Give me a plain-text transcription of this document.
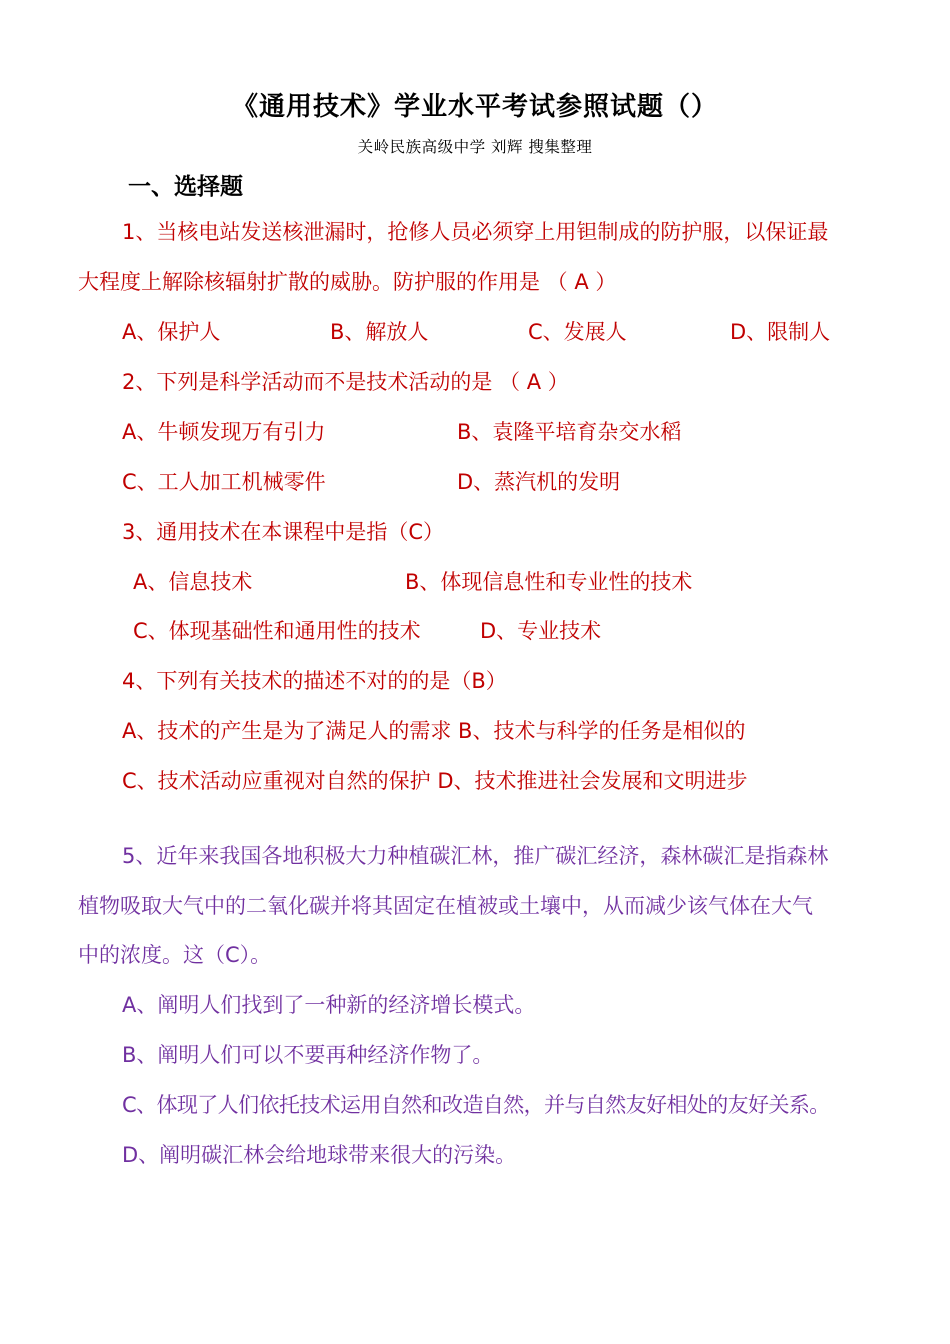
《通用技术》学业水平考试参照试题（）
关岭民族高级中学 刘辉 搜集整理
一、选择题
1、当核电站发送核泄漏时，抢修人员必须穿上用钽制成的防护服，以保证最
大程度上解除核辐射扩散的威胁。防护服的作用是 （ A ）
A、保护人	B、解放人	C、发展人	D、限制人
2、下列是科学活动而不是技术活动的是 （ A ）
A、牛顿发现万有引力	B、袁隆平培育杂交水稻
C、工人加工机械零件	D、蒸汽机的发明
3、通用技术在本课程中是指（C）
A、信息技术	B、体现信息性和专业性的技术
C、体现基础性和通用性的技术	D、专业技术
4、下列有关技术的描述不对的的是（B）
A、技术的产生是为了满足人的需求 B、技术与科学的任务是相似的
C、技术活动应重视对自然的保护 D、技术推进社会发展和文明进步
5、近年来我国各地积极大力种植碳汇林，推广碳汇经济，森林碳汇是指森林
植物吸取大气中的二氧化碳并将其固定在植被或土壤中，从而减少该气体在大气
中的浓度。这（C）。
A、阐明人们找到了一种新的经济增长模式。
B、阐明人们可以不要再种经济作物了。
C、体现了人们依托技术运用自然和改造自然，并与自然友好相处的友好关系。
D、阐明碳汇林会给地球带来很大的污染。
